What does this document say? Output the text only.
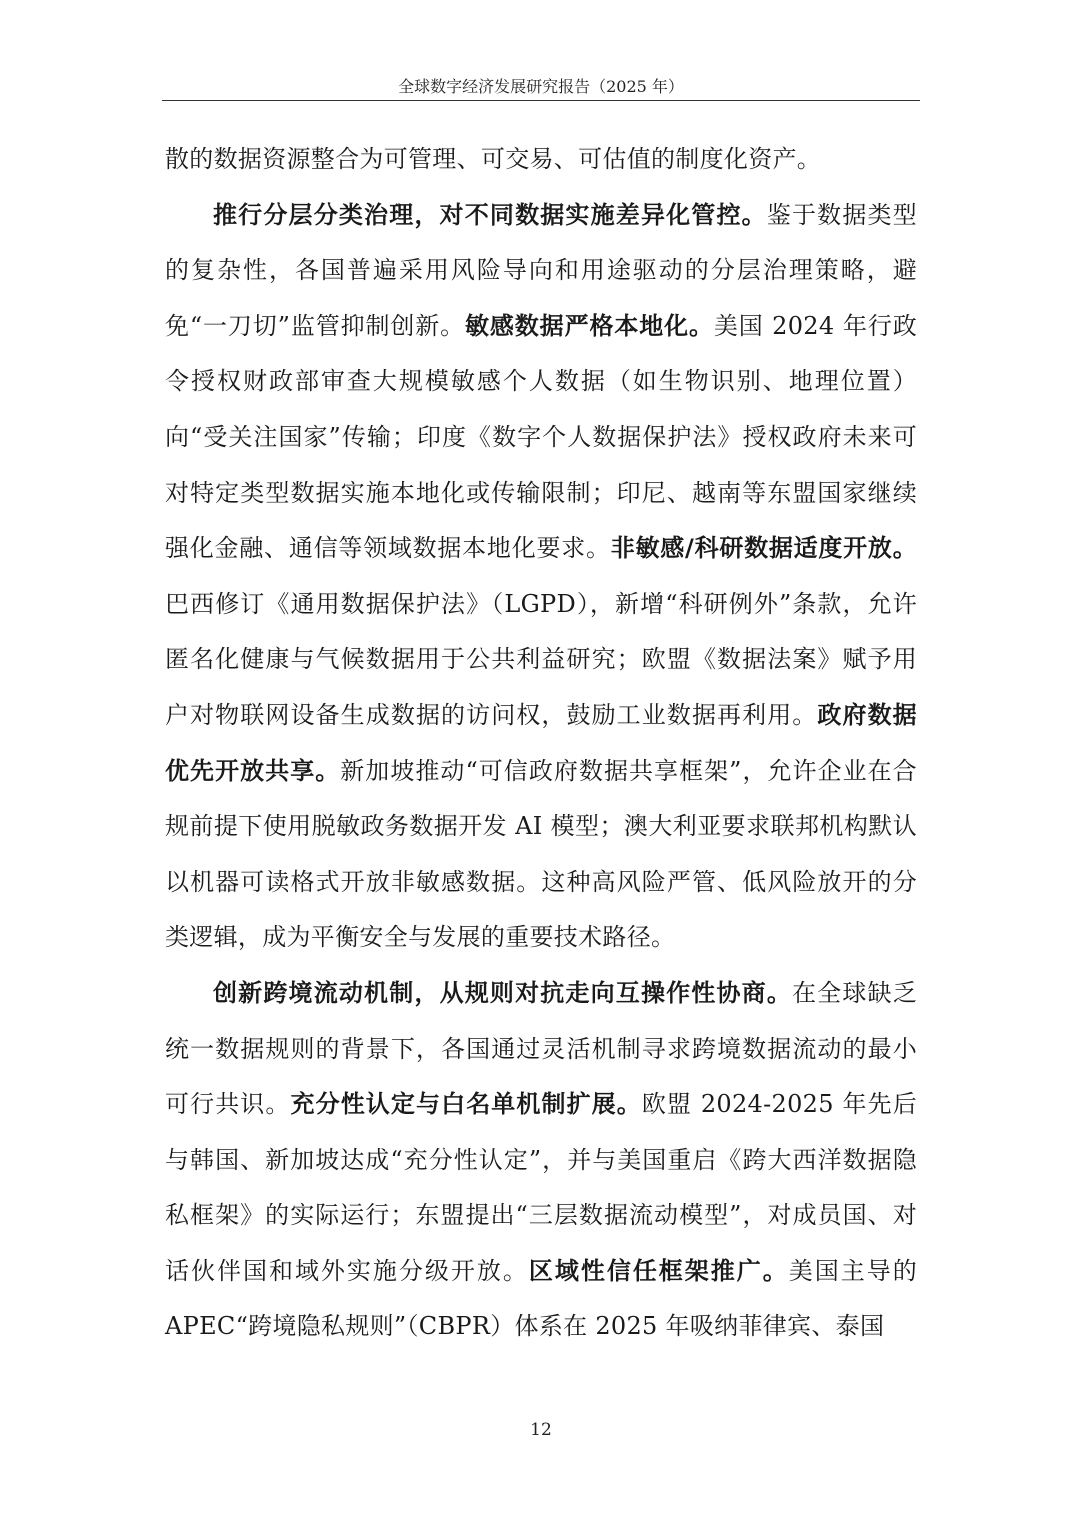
全球数字经济发展研究报告（2025 年）

散的数据资源整合为可管理、可交易、可估值的制度化资产。

推行分层分类治理，对不同数据实施差异化管控。鉴于数据类型的复杂性，各国普遍采用风险导向和用途驱动的分层治理策略，避免“一刀切”监管抑制创新。敏感数据严格本地化。美国 2024 年行政令授权财政部审查大规模敏感个人数据（如生物识别、地理位置）向“受关注国家”传输；印度《数字个人数据保护法》授权政府未来可对特定类型数据实施本地化或传输限制；印尼、越南等东盟国家继续强化金融、通信等领域数据本地化要求。非敏感/科研数据适度开放。巴西修订《通用数据保护法》（LGPD），新增“科研例外”条款，允许匿名化健康与气候数据用于公共利益研究；欧盟《数据法案》赋予用户对物联网设备生成数据的访问权，鼓励工业数据再利用。政府数据优先开放共享。新加坡推动“可信政府数据共享框架”，允许企业在合规前提下使用脱敏政务数据开发 AI 模型；澳大利亚要求联邦机构默认以机器可读格式开放非敏感数据。这种高风险严管、低风险放开的分类逻辑，成为平衡安全与发展的重要技术路径。

创新跨境流动机制，从规则对抗走向互操作性协商。在全球缺乏统一数据规则的背景下，各国通过灵活机制寻求跨境数据流动的最小可行共识。充分性认定与白名单机制扩展。欧盟 2024-2025 年先后与韩国、新加坡达成“充分性认定”，并与美国重启《跨大西洋数据隐私框架》的实际运行；东盟提出“三层数据流动模型”，对成员国、对话伙伴国和域外实施分级开放。区域性信任框架推广。美国主导的 APEC“跨境隐私规则”（CBPR）体系在 2025 年吸纳菲律宾、泰国

12
